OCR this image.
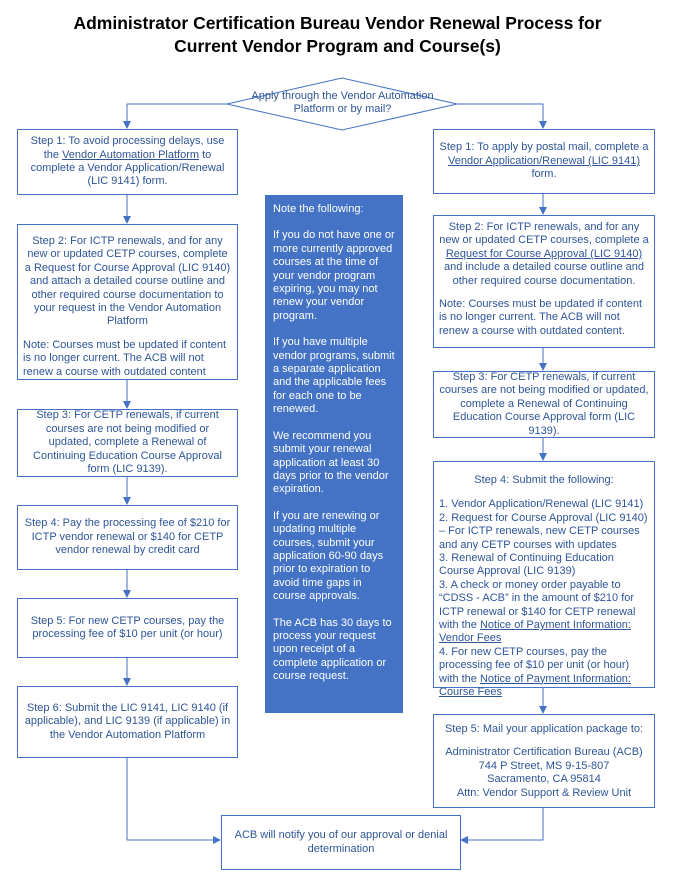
Administrator Certification Bureau Vendor Renewal Process for
Current Vendor Program and Course(s)
Apply through the Vendor Automation Platform or by mail?
Step 1: To avoid processing delays, use the Vendor Automation Platform to complete a Vendor Application/Renewal (LIC 9141) form.

Step 2: For ICTP renewals, and for any new or updated CETP courses, complete a Request for Course Approval (LIC 9140) and attach a detailed course outline and other required course documentation to your request in the Vendor Automation Platform

Note: Courses must be updated if content is no longer current. The ACB will not renew a course with outdated content

Step 3: For CETP renewals, if current courses are not being modified or updated, complete a Renewal of Continuing Education Course Approval form (LIC 9139).
Step 4: Pay the processing fee of $210 for ICTP vendor renewal or $140 for CETP vendor renewal by credit card
Step 5: For new CETP courses, pay the processing fee of $10 per unit (or hour)
Step 6: Submit the LIC 9141, LIC 9140 (if applicable), and LIC 9139 (if applicable) in the Vendor Automation Platform

Note the following:

If you do not have one or more currently approved courses at the time of your vendor program expiring, you may not renew your vendor program.

If you have multiple vendor programs, submit a separate application and the applicable fees for each one to be renewed.

We recommend you submit your renewal application at least 30 days prior to the vendor expiration.

If you are renewing or updating multiple courses, submit your application 60-90 days prior to expiration to avoid time gaps in course approvals.

The ACB has 30 days to process your request upon receipt of a complete application or course request.

Step 1: To apply by postal mail, complete a Vendor Application/Renewal (LIC 9141) form.

Step 2: For ICTP renewals, and for any new or updated CETP courses, complete a Request for Course Approval (LIC 9140) and include a detailed course outline and other required course documentation.

Note: Courses must be updated if content is no longer current. The ACB will not renew a course with outdated content.

Step 3: For CETP renewals, if current courses are not being modified or updated, complete a Renewal of Continuing Education Course Approval form (LIC 9139).

Step 4: Submit the following:

1. Vendor Application/Renewal (LIC 9141)
2. Request for Course Approval (LIC 9140) – For ICTP renewals, new CETP courses and any CETP courses with updates
3. Renewal of Continuing Education Course Approval (LIC 9139)
3. A check or money order payable to “CDSS - ACB” in the amount of $210 for ICTP renewal or $140 for CETP renewal with the Notice of Payment Information: Vendor Fees
4. For new CETP courses, pay the processing fee of $10 per unit (or hour) with the Notice of Payment Information: Course Fees
Step 5: Mail your application package to:
Administrator Certification Bureau (ACB)
744 P Street, MS 9-15-807
Sacramento, CA 95814
Attn: Vendor Support & Review Unit
ACB will notify you of our approval or denial determination
